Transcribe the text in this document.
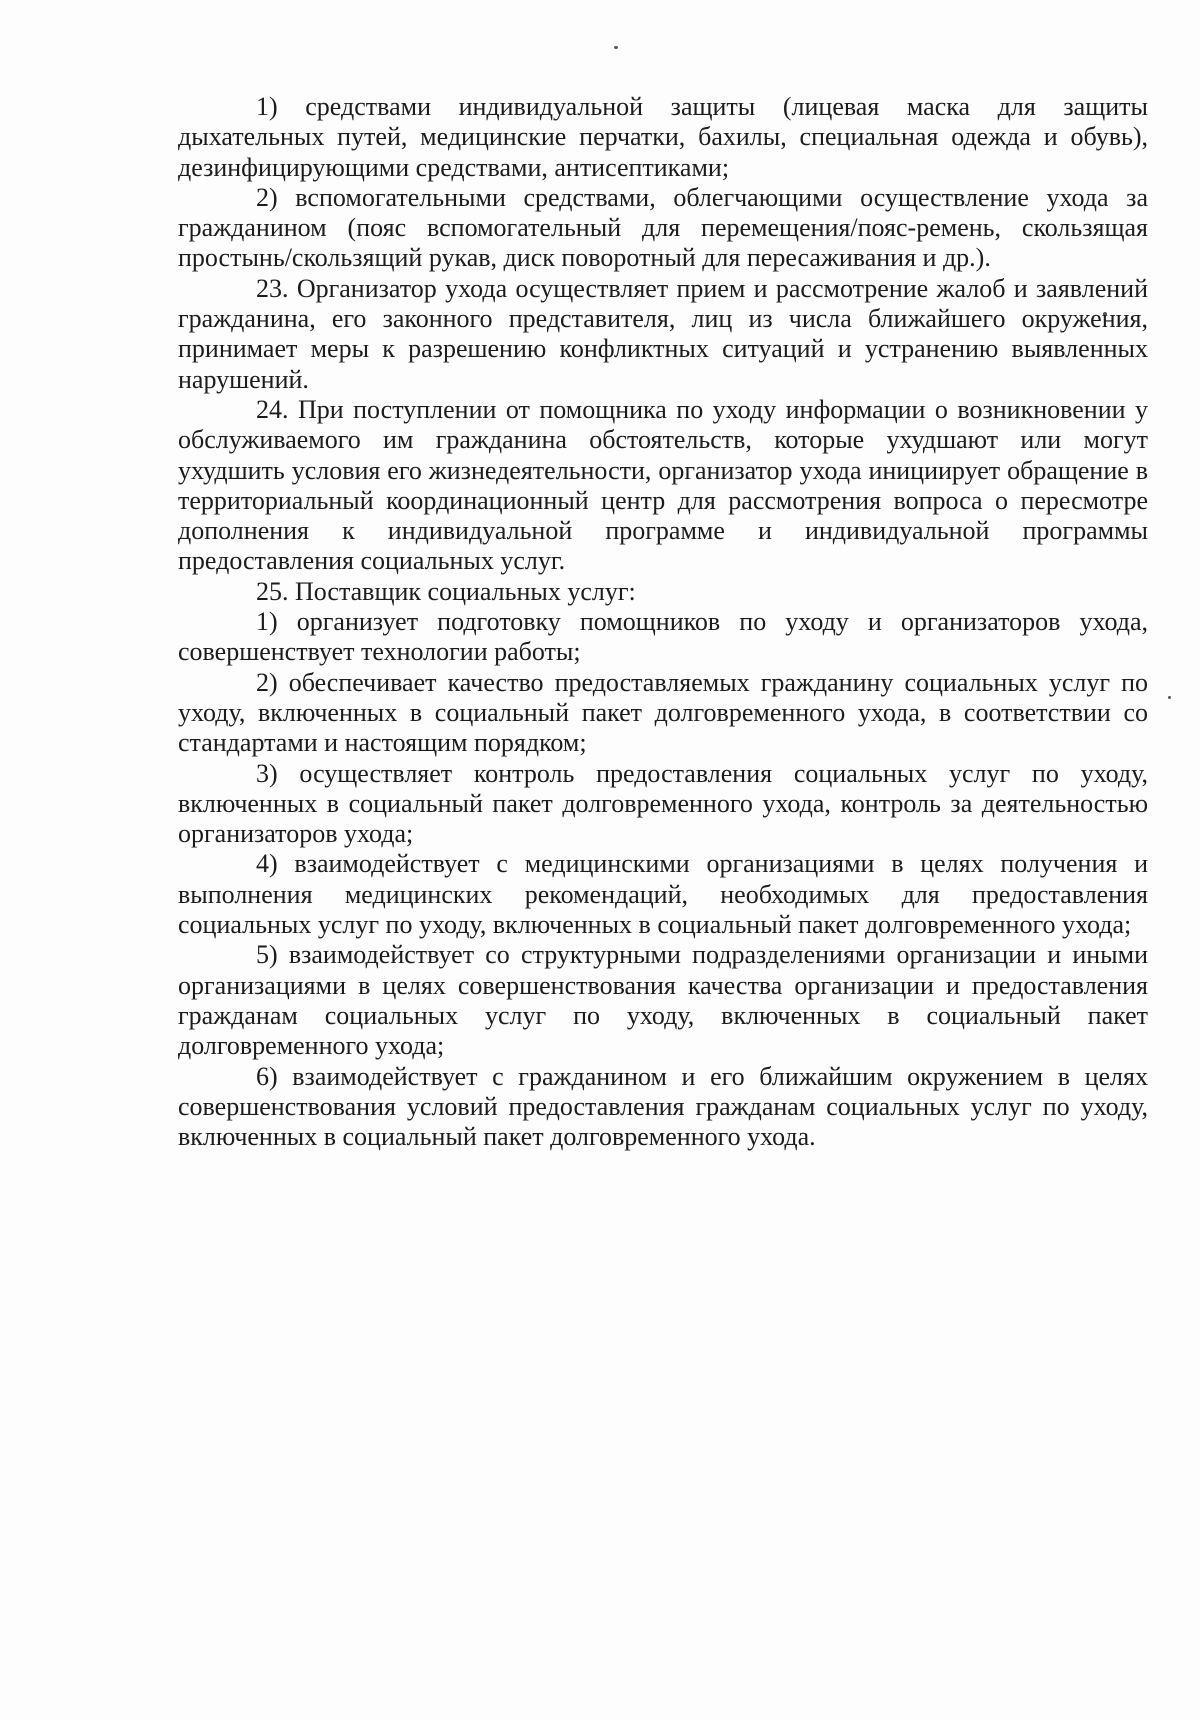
1) средствами индивидуальной защиты (лицевая маска для защиты дыхательных путей, медицинские перчатки, бахилы, специальная одежда и обувь), дезинфицирующими средствами, антисептиками;

2) вспомогательными средствами, облегчающими осуществление ухода за гражданином (пояс вспомогательный для перемещения/пояс-ремень, скользящая простынь/скользящий рукав, диск поворотный для пересаживания и др.).

23. Организатор ухода осуществляет прием и рассмотрение жалоб и заявлений гражданина, его законного представителя, лиц из числа ближайшего окружения, принимает меры к разрешению конфликтных ситуаций и устранению выявленных нарушений.

24. При поступлении от помощника по уходу информации о возникновении у обслуживаемого им гражданина обстоятельств, которые ухудшают или могут ухудшить условия его жизнедеятельности, организатор ухода инициирует обращение в территориальный координационный центр для рассмотрения вопроса о пересмотре дополнения к индивидуальной программе и индивидуальной программы предоставления социальных услуг.

25. Поставщик социальных услуг:

1) организует подготовку помощников по уходу и организаторов ухода, совершенствует технологии работы;

2) обеспечивает качество предоставляемых гражданину социальных услуг по уходу, включенных в социальный пакет долговременного ухода, в соответствии со стандартами и настоящим порядком;

3) осуществляет контроль предоставления социальных услуг по уходу, включенных в социальный пакет долговременного ухода, контроль за деятельностью организаторов ухода;

4) взаимодействует с медицинскими организациями в целях получения и выполнения медицинских рекомендаций, необходимых для предоставления социальных услуг по уходу, включенных в социальный пакет долговременного ухода;

5) взаимодействует со структурными подразделениями организации и иными организациями в целях совершенствования качества организации и предоставления гражданам социальных услуг по уходу, включенных в социальный пакет долговременного ухода;

6) взаимодействует с гражданином и его ближайшим окружением в целях совершенствования условий предоставления гражданам социальных услуг по уходу, включенных в социальный пакет долговременного ухода.
